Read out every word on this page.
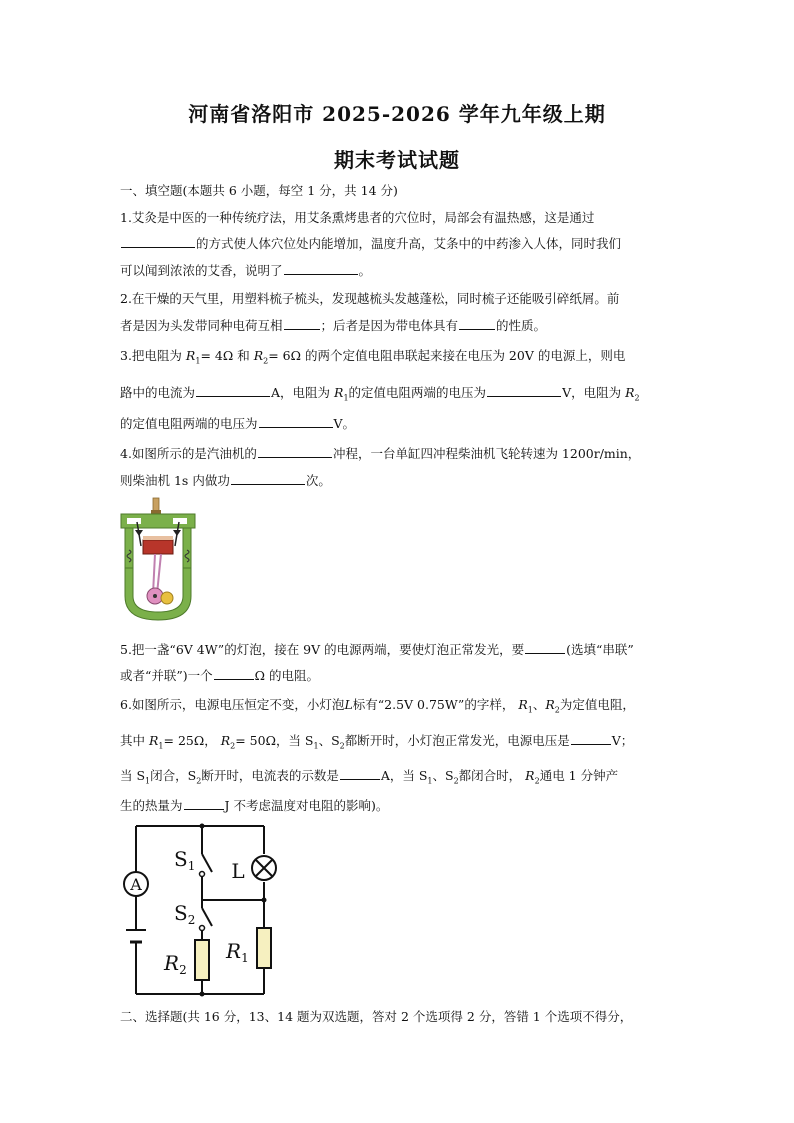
河南省洛阳市 2025-2026 学年九年级上期
期末考试试题
一、填空题(本题共 6 小题，每空 1 分，共 14 分)
1.艾灸是中医的一种传统疗法，用艾条熏烤患者的穴位时，局部会有温热感，这是通过
的方式使人体穴位处内能增加，温度升高，艾条中的中药渗入人体，同时我们
可以闻到浓浓的艾香，说明了	。
2.在干燥的天气里，用塑料梳子梳头，发现越梳头发越蓬松，同时梳子还能吸引碎纸屑。前
者是因为头发带同种电荷互相	；后者是因为带电体具有	的性质。
3.把电阻为 $R_1= 4\Omega$ 和 $R_2= 6\Omega$ 的两个定值电阻串联起来接在电压为 20V 的电源上，则电
路中的电流为	A，电阻为 $R_1$的定值电阻两端的电压为	V，电阻为 $R_2$
的定值电阻两端的电压为	V。
4.如图所示的是汽油机的	冲程，一台单缸四冲程柴油机飞轮转速为 1200r/min，
则柴油机 1s 内做功	次。
5.把一盏“6V 4W”的灯泡，接在 9V 的电源两端，要使灯泡正常发光，要	(选填“串联”
或者“并联”)一个	Ω 的电阻。
6.如图所示，电源电压恒定不变，小灯泡L标有“2.5V 0.75W”的字样， $R_1$、$R_2$为定值电阻，
其中 $R_1= 25\Omega$， $R_2= 50\Omega$，当 $S_1$、$S_2$都断开时，小灯泡正常发光，电源电压是	V；
当 $S_1$闭合，$S_2$断开时，电流表的示数是	A，当 $S_1$、$S_2$都闭合时， $R_2$通电 1 分钟产
生的热量为	J 不考虑温度对电阻的影响)。
A
L
$S_1$
$S_2$
$R_2$
$R_1$
二、选择题(共 16 分，13、14 题为双选题，答对 2 个选项得 2 分，答错 1 个选项不得分，
